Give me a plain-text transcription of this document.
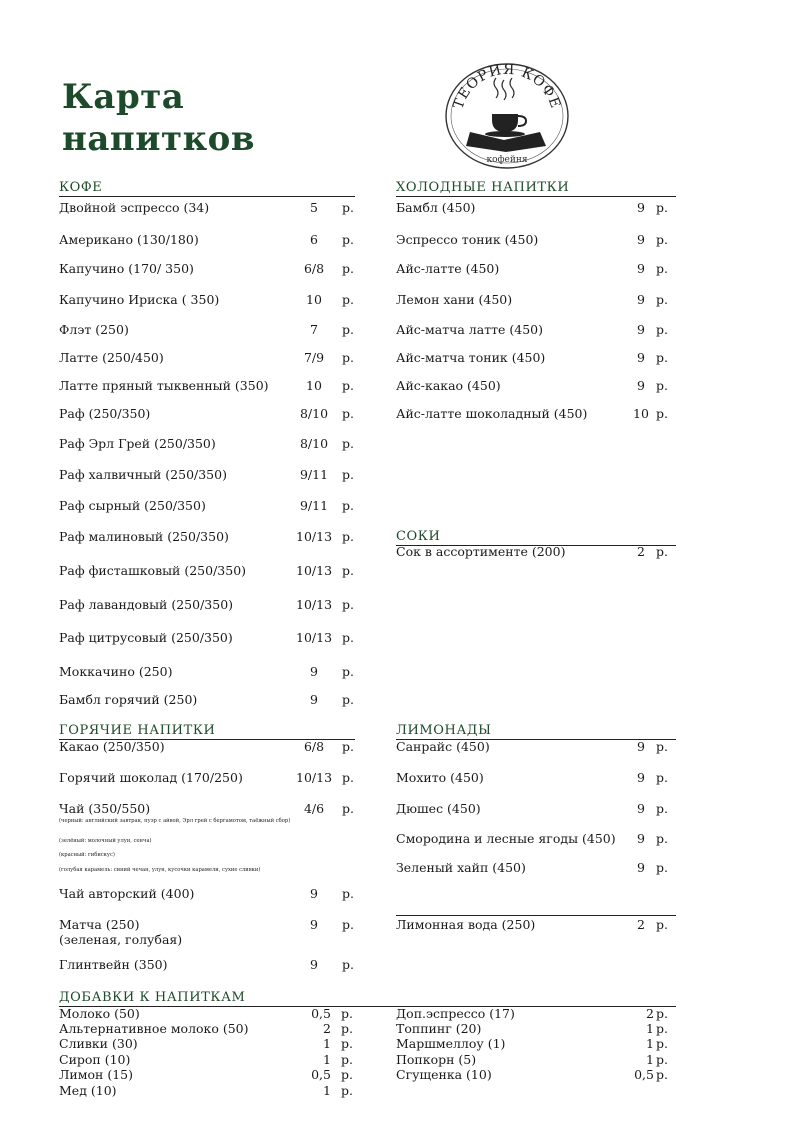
Карта
напитков
ТЕОРИЯ КОФЕ
кофейня
КОФЕ	ХОЛОДНЫЕ НАПИТКИ
СОКИ
ГОРЯЧИЕ НАПИТКИ	ЛИМОНАДЫ
ДОБАВКИ К НАПИТКАМ
Двойной эспрессо (34)	5	р.
Американо (130/180)	6	р.
Капучино (170/ 350)	6/8	р.
Капучино Ириска ( 350)	10	р.
Флэт (250)	7	р.
Латте (250/450)	7/9	р.
Латте пряный тыквенный (350)	10	р.
Раф (250/350)	8/10	р.
Раф Эрл Грей (250/350)	8/10	р.
Раф халвичный (250/350)	9/11	р.
Раф сырный (250/350)	9/11	р.
Раф малиновый (250/350)	10/13 р.
Раф фисташковый (250/350)	10/13 р.
Раф лавандовый (250/350)	10/13 р.
Раф цитрусовый (250/350)	10/13 р.
Моккачино (250)	9	р.
Бамбл горячий (250)	9	р.
Бамбл (450)	9 р.
Эспрессо тоник (450)	9 р.
Айс-латте (450)	9 р.
Лемон хани (450)	9 р.
Айс-матча латте (450)	9 р.
Айс-матча тоник (450)	9 р.
Айс-какао (450)	9 р.
Айс-латте шоколадный (450)	10 р.
Сок в ассортименте (200)	2 р.
Какао (250/350)	6/8	р.
Горячий шоколад (170/250)	10/13 р.
Чай (350/550)	4/6	р.
(черный: английский завтрак, пуэр с айвой, Эрл грей с бергамотом, таёжный сбор)
(зелёный: молочный улун, сенча)
(красный: гибискус)
(голубая карамель: синий чечан, улун, кусочки карамели, сухие сливки)
Чай авторский (400)	9	р.
Матча (250)	9	р.
(зеленая, голубая)
Глинтвейн (350)	9	р.
Санрайс (450)	9 р.
Мохито (450)	9 р.
Дюшес (450)	9 р.
Смородина и лесные ягоды (450)	9 р.
Зеленый хайп (450)	9 р.
Лимонная вода (250)	2 р.
Молоко (50)	0,5 р.
Альтернативное молоко (50)	2 р.
Сливки (30)	1 р.
Сироп (10)	1 р.
Лимон (15)	0,5 р.
Мед (10)	1 р.
Доп.эспрессо (17)	2 р.
Топпинг (20)	1 р.
Маршмеллоу (1)	1 р.
Попкорн (5)	1 р.
Сгущенка (10)	0,5 р.
